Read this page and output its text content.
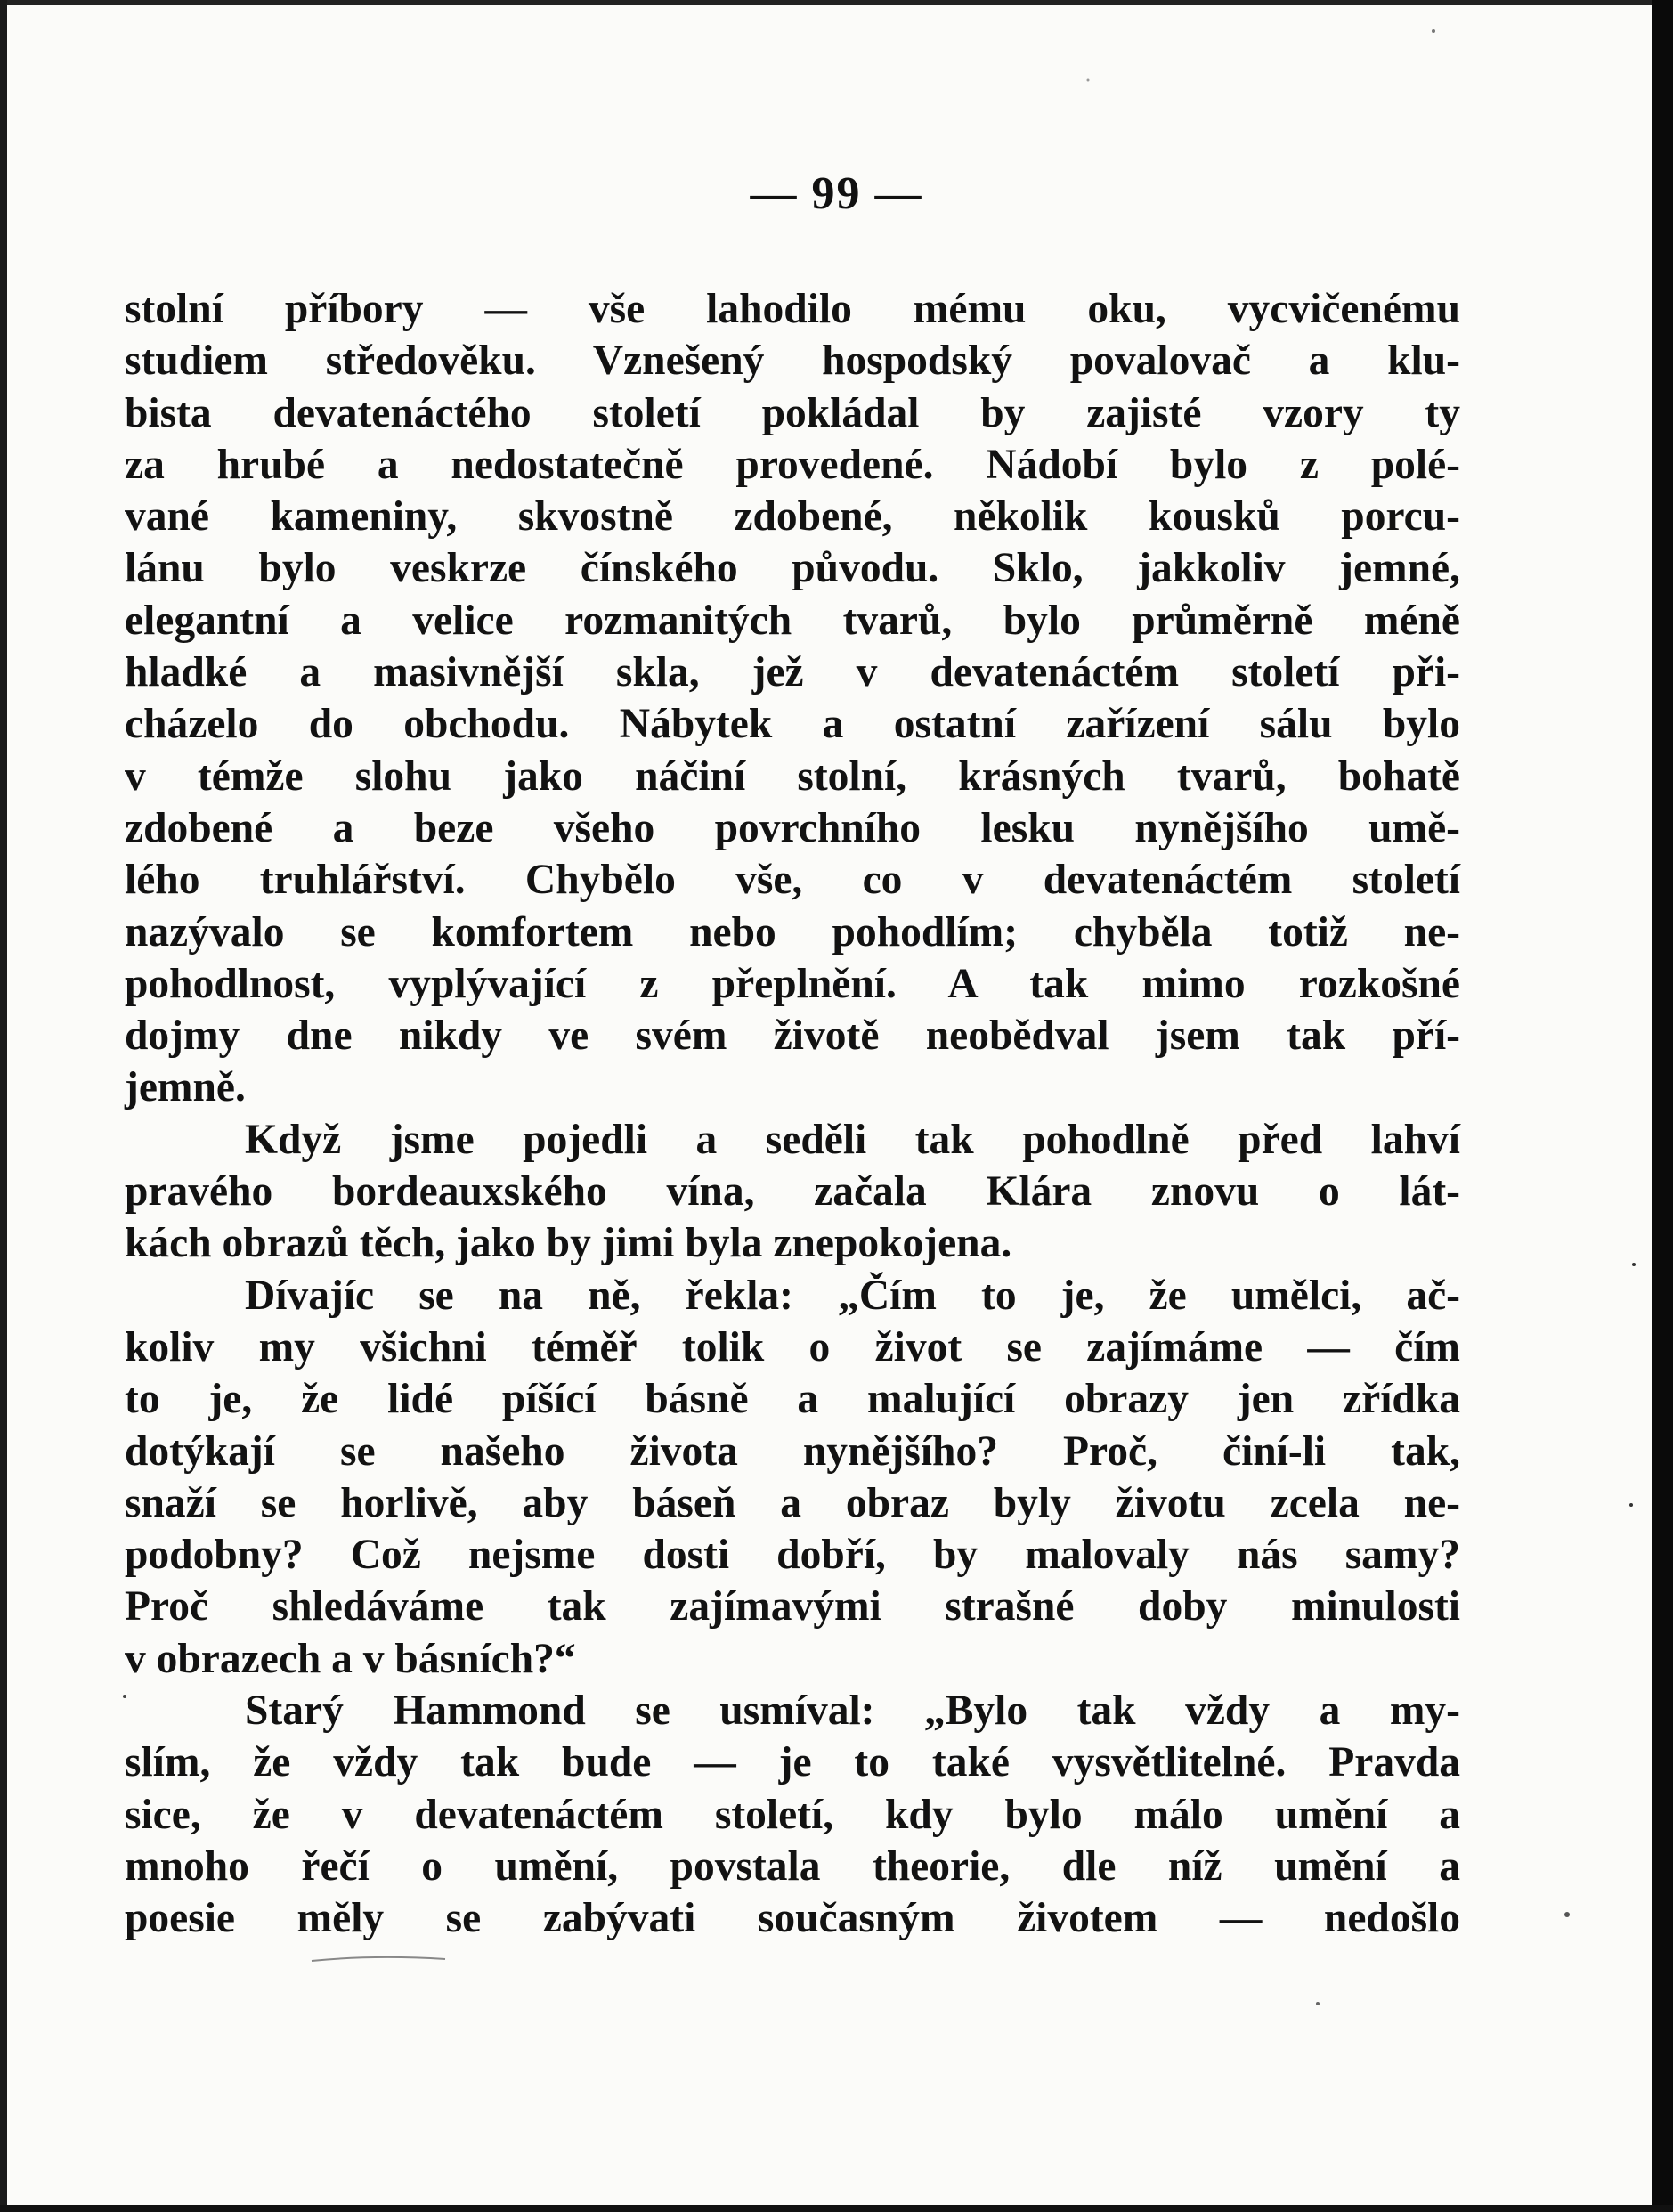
— 99 —
stolní příbory — vše lahodilo mému oku, vycvičenému
studiem středověku. Vznešený hospodský povalovač a klu-
bista devatenáctého století pokládal by zajisté vzory ty
za hrubé a nedostatečně provedené. Nádobí bylo z polé-
vané kameniny, skvostně zdobené, několik kousků porcu-
lánu bylo veskrze čínského původu. Sklo, jakkoliv jemné,
elegantní a velice rozmanitých tvarů, bylo průměrně méně
hladké a masivnější skla, jež v devatenáctém století při-
cházelo do obchodu. Nábytek a ostatní zařízení sálu bylo
v témže slohu jako náčiní stolní, krásných tvarů, bohatě
zdobené a beze všeho povrchního lesku nynějšího umě-
lého truhlářství. Chybělo vše, co v devatenáctém století
nazývalo se komfortem nebo pohodlím; chyběla totiž ne-
pohodlnost, vyplývající z přeplnění. A tak mimo rozkošné
dojmy dne nikdy ve svém životě neobědval jsem tak pří-
jemně.
Když jsme pojedli a seděli tak pohodlně před lahví
pravého bordeauxského vína, začala Klára znovu o lát-
kách obrazů těch, jako by jimi byla znepokojena.
Dívajíc se na ně, řekla: „Čím to je, že umělci, ač-
koliv my všichni téměř tolik o život se zajímáme — čím
to je, že lidé píšící básně a malující obrazy jen zřídka
dotýkají se našeho života nynějšího? Proč, činí-li tak,
snaží se horlivě, aby báseň a obraz byly životu zcela ne-
podobny? Což nejsme dosti dobří, by malovaly nás samy?
Proč shledáváme tak zajímavými strašné doby minulosti
v obrazech a v básních?“
Starý Hammond se usmíval: „Bylo tak vždy a my-
slím, že vždy tak bude — je to také vysvětlitelné. Pravda
sice, že v devatenáctém století, kdy bylo málo umění a
mnoho řečí o umění, povstala theorie, dle níž umění a
poesie měly se zabývati současným životem — nedošlo
